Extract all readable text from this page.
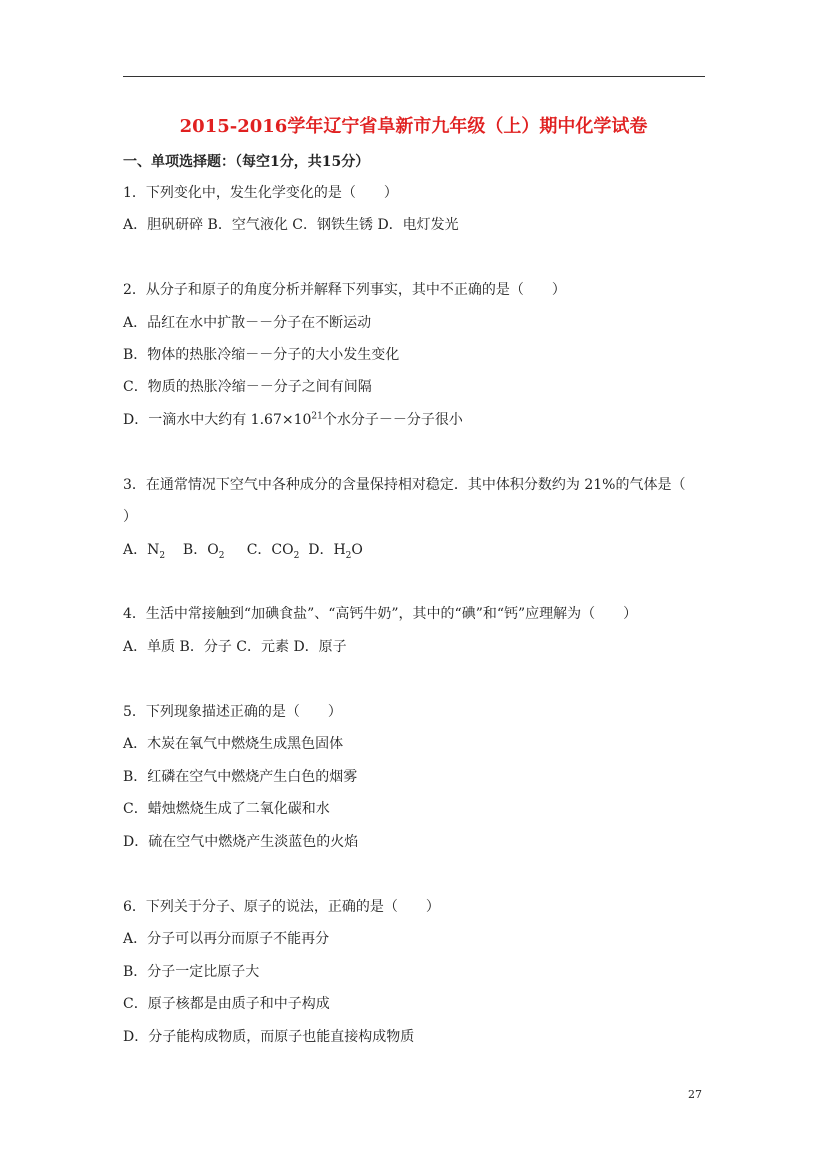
2015-2016学年辽宁省阜新市九年级（上）期中化学试卷
一、单项选择题：（每空1分，共15分）
1．下列变化中，发生化学变化的是（　　）
A．胆矾研碎 B．空气液化 C．钢铁生锈 D．电灯发光
2．从分子和原子的角度分析并解释下列事实，其中不正确的是（　　）
A．品红在水中扩散－－分子在不断运动
B．物体的热胀冷缩－－分子的大小发生变化
C．物质的热胀冷缩－－分子之间有间隔
D．一滴水中大约有 $1.67\times 10^{21}$个水分子－－分子很小
3．在通常情况下空气中各种成分的含量保持相对稳定．其中体积分数约为 21%的气体是（
）
A．$N_2$ B．$O_2$ C．$CO_2$ D．$H_2O$
4．生活中常接触到“加碘食盐”、“高钙牛奶”，其中的“碘”和“钙”应理解为（　　）
A．单质 B．分子 C．元素 D．原子
5．下列现象描述正确的是（　　）
A．木炭在氧气中燃烧生成黑色固体
B．红磷在空气中燃烧产生白色的烟雾
C．蜡烛燃烧生成了二氧化碳和水
D．硫在空气中燃烧产生淡蓝色的火焰
6．下列关于分子、原子的说法，正确的是（　　）
A．分子可以再分而原子不能再分
B．分子一定比原子大
C．原子核都是由质子和中子构成
D．分子能构成物质，而原子也能直接构成物质
27
